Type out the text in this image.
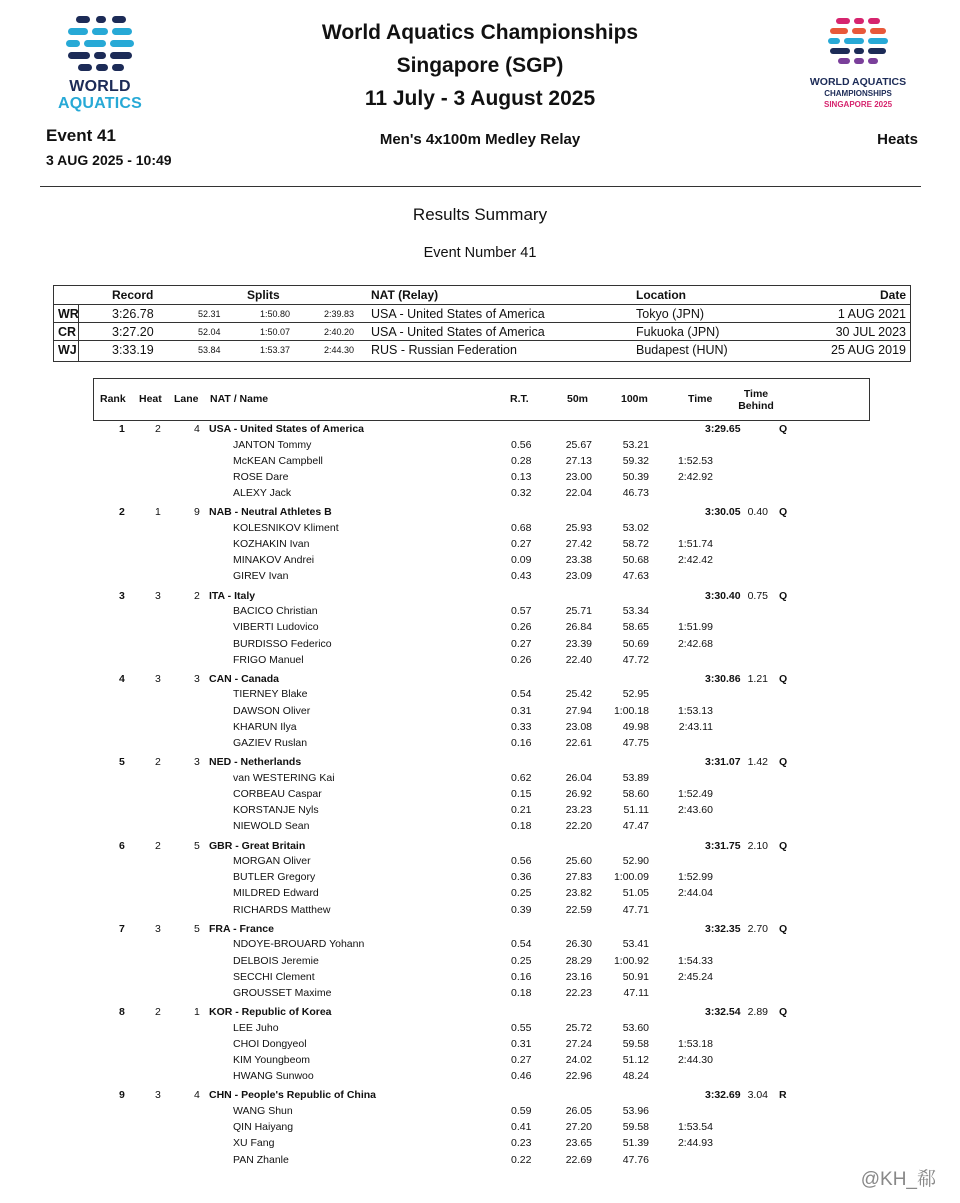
WORLD
AQUATICS
WORLD AQUATICS
CHAMPIONSHIPS
SINGAPORE 2025
World Aquatics Championships
Singapore (SGP)
11 July - 3 August 2025
Event 41
3 AUG 2025 - 10:49
Men's 4x100m Medley Relay	Heats
Results Summary
Event Number 41
Record	Splits	NAT (Relay)	Location	Date
WR	3:26.78	52.31	1:50.80	2:39.83 USA - United States of America	Tokyo (JPN)	1 AUG 2021
CR	3:27.20	52.04	1:50.07	2:40.20 USA - United States of America	Fukuoka (JPN)	30 JUL 2023
WJ	3:33.19	53.84	1:53.37	2:44.30 RUS - Russian Federation	Budapest (HUN)	25 AUG 2019
Rank Heat Lane NAT / Name	R.T.	50m	100m	Time	Time
Behind
1	2	4 USA - United States of America	3:29.65	Q
JANTON Tommy	0.56	25.67	53.21
McKEAN Campbell	0.28	27.13	59.32	1:52.53
ROSE Dare	0.13	23.00	50.39	2:42.92
ALEXY Jack	0.32	22.04	46.73
2	1	9 NAB - Neutral Athletes B	3:30.05 0.40 Q
KOLESNIKOV Kliment	0.68	25.93	53.02
KOZHAKIN Ivan	0.27	27.42	58.72	1:51.74
MINAKOV Andrei	0.09	23.38	50.68	2:42.42
GIREV Ivan	0.43	23.09	47.63
3	3	2 ITA - Italy	3:30.40 0.75 Q
BACICO Christian	0.57	25.71	53.34
VIBERTI Ludovico	0.26	26.84	58.65	1:51.99
BURDISSO Federico	0.27	23.39	50.69	2:42.68
FRIGO Manuel	0.26	22.40	47.72
4	3	3 CAN - Canada	3:30.86 1.21 Q
TIERNEY Blake	0.54	25.42	52.95
DAWSON Oliver	0.31	27.94 1:00.18	1:53.13
KHARUN Ilya	0.33	23.08	49.98	2:43.11
GAZIEV Ruslan	0.16	22.61	47.75
5	2	3 NED - Netherlands	3:31.07 1.42 Q
van WESTERING Kai	0.62	26.04	53.89
CORBEAU Caspar	0.15	26.92	58.60	1:52.49
KORSTANJE Nyls	0.21	23.23	51.11	2:43.60
NIEWOLD Sean	0.18	22.20	47.47
6	2	5 GBR - Great Britain	3:31.75 2.10 Q
MORGAN Oliver	0.56	25.60	52.90
BUTLER Gregory	0.36	27.83 1:00.09	1:52.99
MILDRED Edward	0.25	23.82	51.05	2:44.04
RICHARDS Matthew	0.39	22.59	47.71
7	3	5 FRA - France	3:32.35 2.70 Q
NDOYE-BROUARD Yohann	0.54	26.30	53.41
DELBOIS Jeremie	0.25	28.29 1:00.92	1:54.33
SECCHI Clement	0.16	23.16	50.91	2:45.24
GROUSSET Maxime	0.18	22.23	47.11
8	2	1 KOR - Republic of Korea	3:32.54 2.89 Q
LEE Juho	0.55	25.72	53.60
CHOI Dongyeol	0.31	27.24	59.58	1:53.18
KIM Youngbeom	0.27	24.02	51.12	2:44.30
HWANG Sunwoo	0.46	22.96	48.24
9	3	4 CHN - People's Republic of China	3:32.69 3.04 R
WANG Shun	0.59	26.05	53.96
QIN Haiyang	0.41	27.20	59.58	1:53.54
XU Fang	0.23	23.65	51.39	2:44.93
PAN Zhanle	0.22	22.69	47.76
@KH_郗
